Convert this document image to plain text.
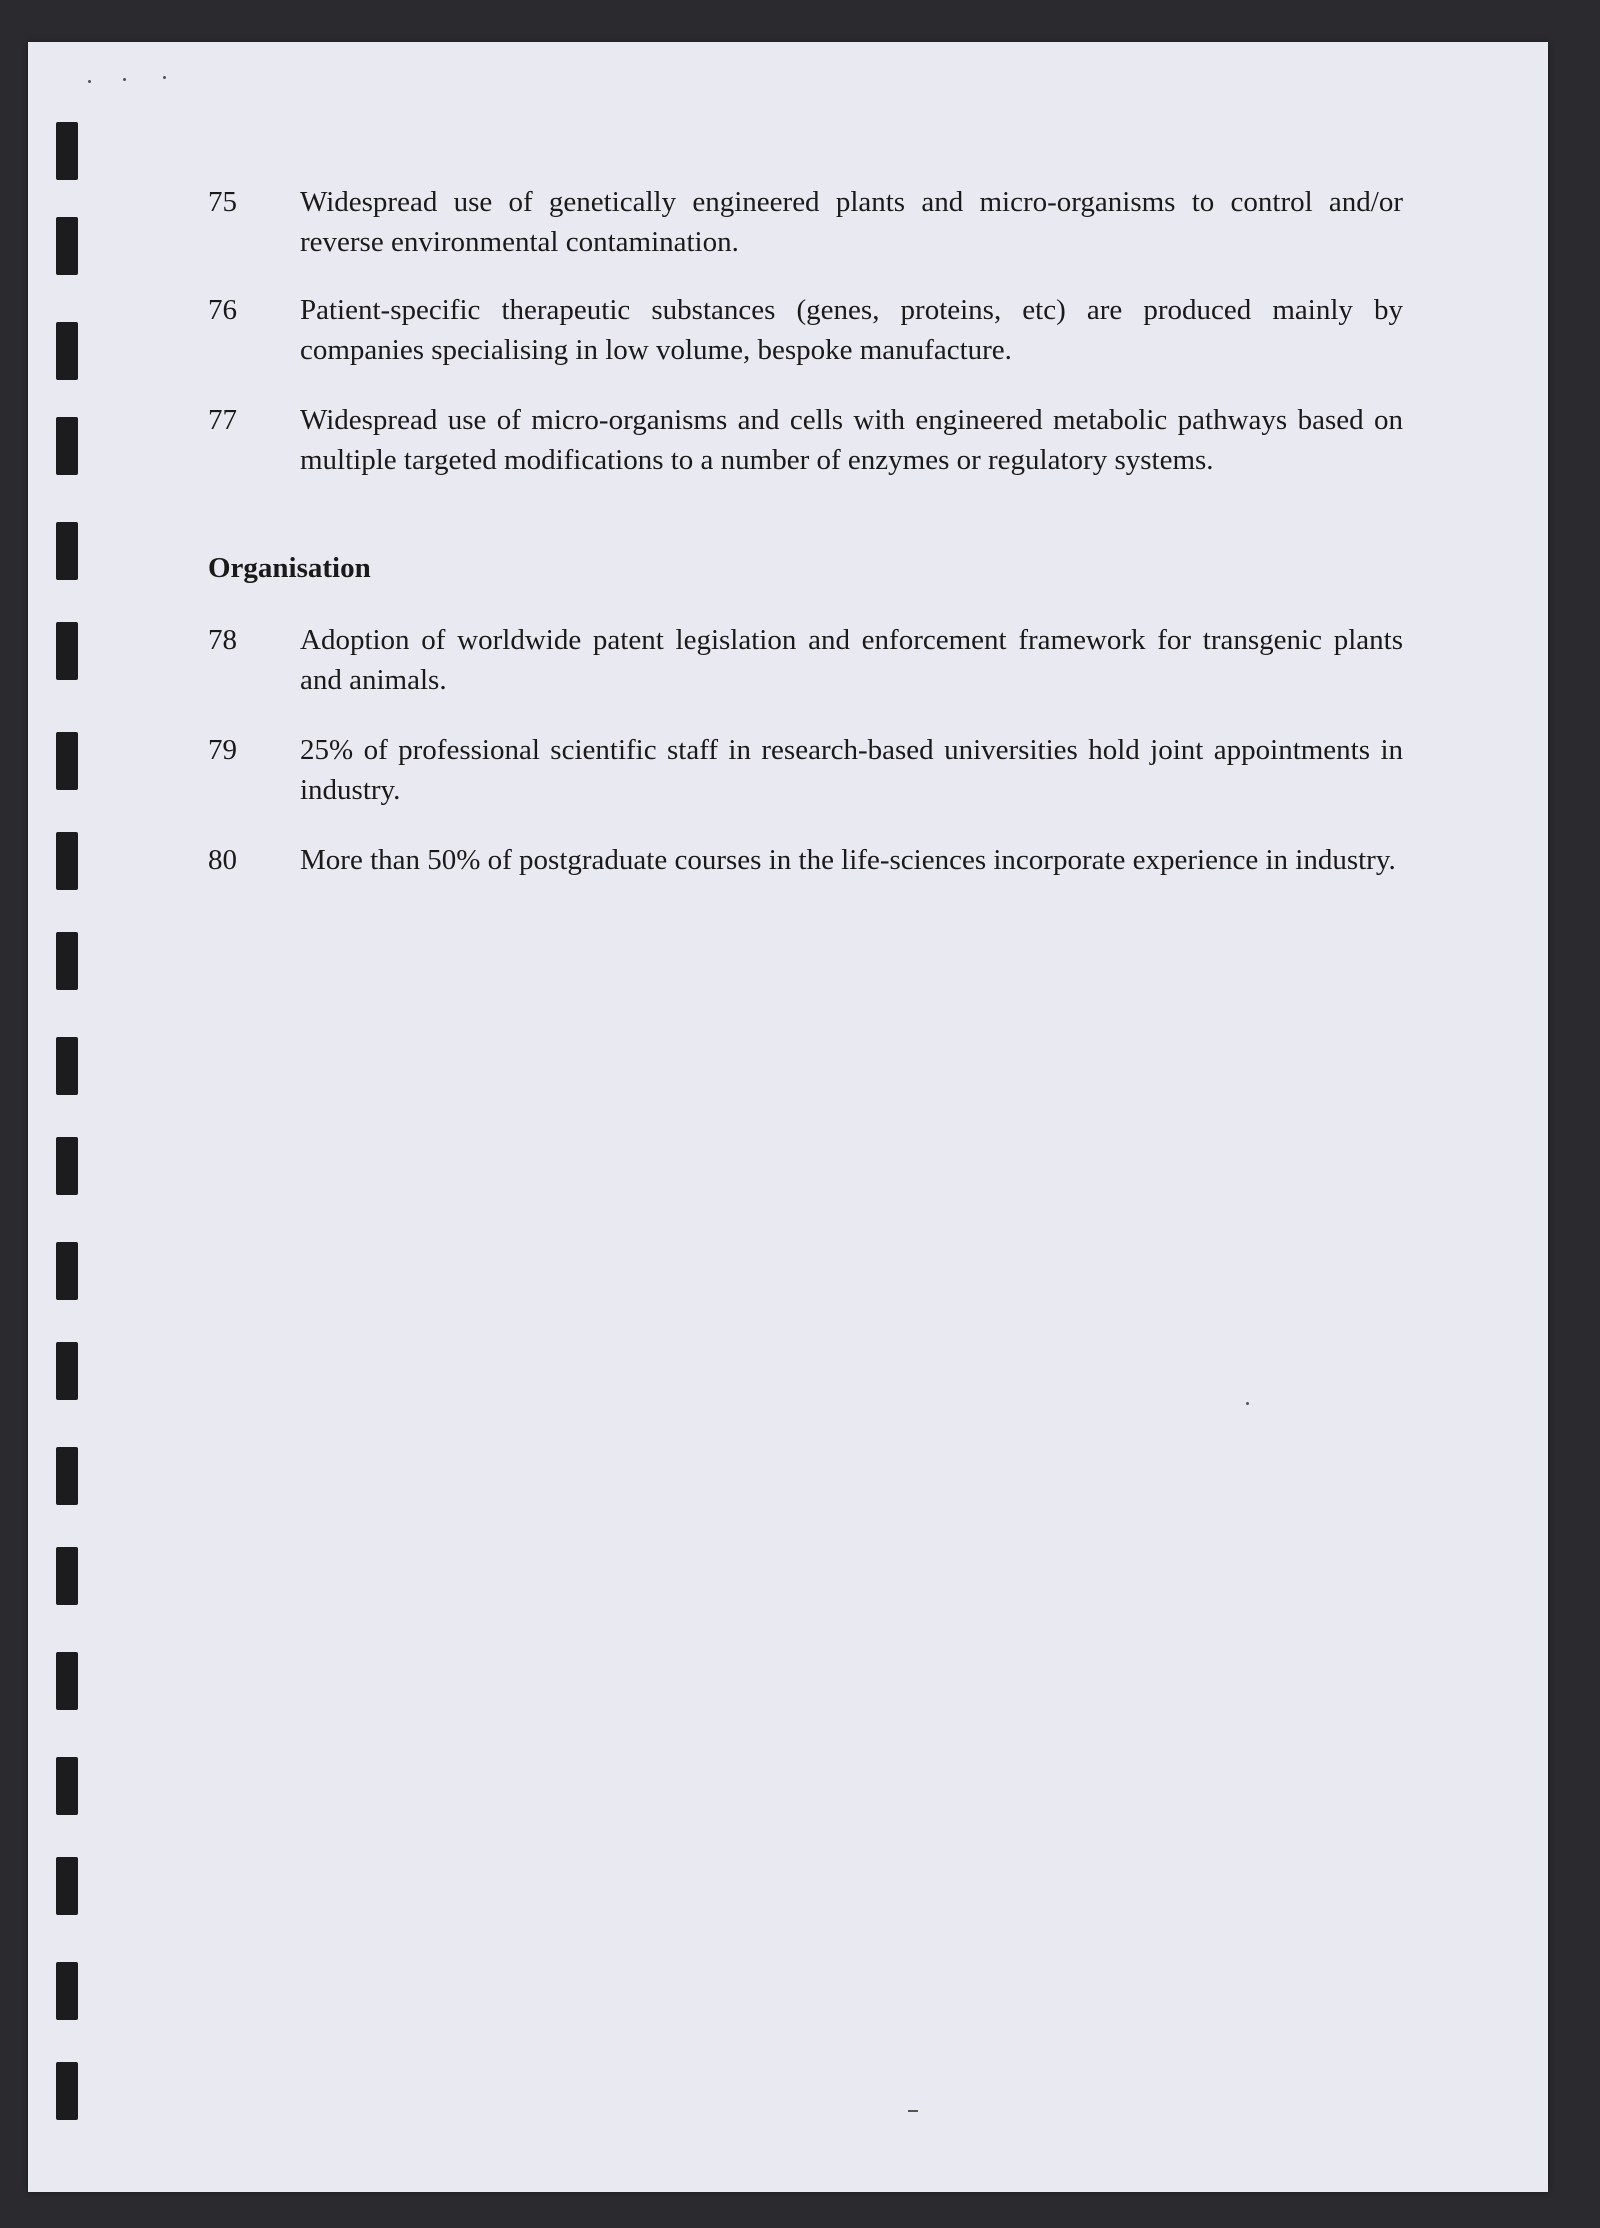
75	Widespread use of genetically engineered plants and micro-organisms to control and/or reverse environmental contamination.
76	Patient-specific therapeutic substances (genes, proteins, etc) are produced mainly by companies specialising in low volume, bespoke manufacture.
77	Widespread use of micro-organisms and cells with engineered metabolic pathways based on multiple targeted modifications to a number of enzymes or regulatory systems.
Organisation
78	Adoption of worldwide patent legislation and enforcement framework for transgenic plants and animals.
79	25% of professional scientific staff in research-based universities hold joint appointments in industry.
80	More than 50% of postgraduate courses in the life-sciences incorporate experience in industry.
